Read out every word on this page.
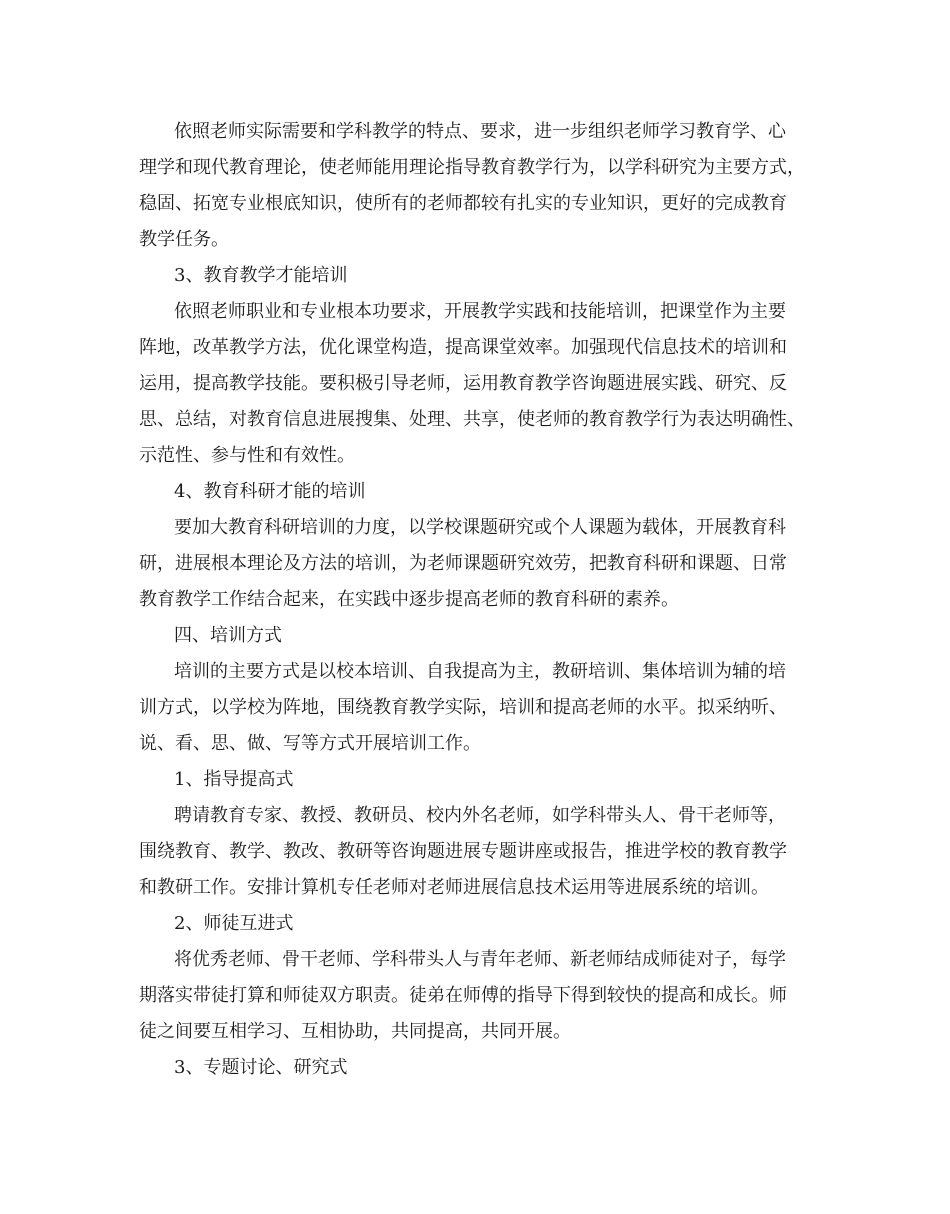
依照老师实际需要和学科教学的特点、要求，进一步组织老师学习教育学、心
理学和现代教育理论，使老师能用理论指导教育教学行为，以学科研究为主要方式，
稳固、拓宽专业根底知识，使所有的老师都较有扎实的专业知识，更好的完成教育
教学任务。
3、教育教学才能培训
依照老师职业和专业根本功要求，开展教学实践和技能培训，把课堂作为主要
阵地，改革教学方法，优化课堂构造，提高课堂效率。加强现代信息技术的培训和
运用，提高教学技能。要积极引导老师，运用教育教学咨询题进展实践、研究、反
思、总结，对教育信息进展搜集、处理、共享，使老师的教育教学行为表达明确性、
示范性、参与性和有效性。
4、教育科研才能的培训
要加大教育科研培训的力度，以学校课题研究或个人课题为载体，开展教育科
研，进展根本理论及方法的培训，为老师课题研究效劳，把教育科研和课题、日常
教育教学工作结合起来，在实践中逐步提高老师的教育科研的素养。
四、培训方式
培训的主要方式是以校本培训、自我提高为主，教研培训、集体培训为辅的培
训方式，以学校为阵地，围绕教育教学实际，培训和提高老师的水平。拟采纳听、
说、看、思、做、写等方式开展培训工作。
1、指导提高式
聘请教育专家、教授、教研员、校内外名老师，如学科带头人、骨干老师等，
围绕教育、教学、教改、教研等咨询题进展专题讲座或报告，推进学校的教育教学
和教研工作。安排计算机专任老师对老师进展信息技术运用等进展系统的培训。
2、师徒互进式
将优秀老师、骨干老师、学科带头人与青年老师、新老师结成师徒对子，每学
期落实带徒打算和师徒双方职责。徒弟在师傅的指导下得到较快的提高和成长。师
徒之间要互相学习、互相协助，共同提高，共同开展。
3、专题讨论、研究式
